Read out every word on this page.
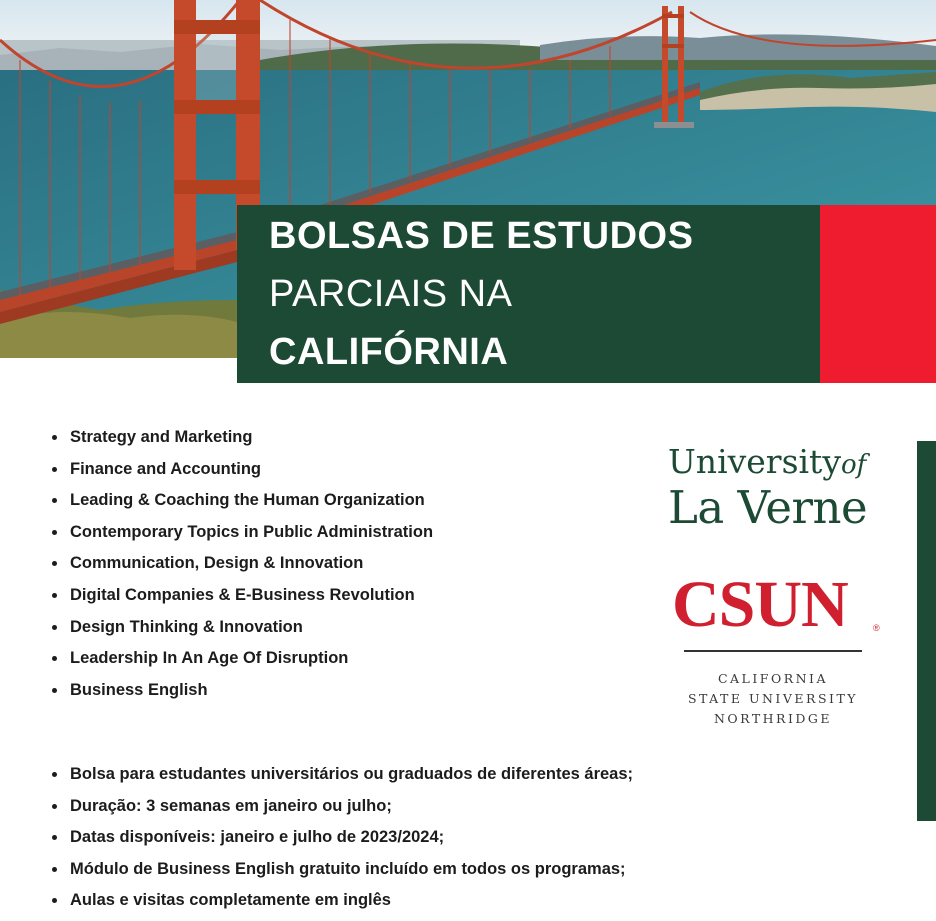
BOLSAS DE ESTUDOS
PARCIAIS NA
CALIFÓRNIA
Strategy and Marketing
Finance and Accounting
Leading & Coaching the Human Organization
Contemporary Topics in Public Administration
Communication, Design & Innovation
Digital Companies & E-Business Revolution
Design Thinking & Innovation
Leadership In An Age Of Disruption
Business English
Bolsa para estudantes universitários ou graduados de diferentes áreas;
Duração: 3 semanas em janeiro ou julho;
Datas disponíveis: janeiro e julho de 2023/2024;
Módulo de Business English gratuito incluído em todos os programas;
Aulas e visitas completamente em inglês
Universityof
La Verne
CSUN	®
CALIFORNIA
STATE UNIVERSITY
NORTHRIDGE
